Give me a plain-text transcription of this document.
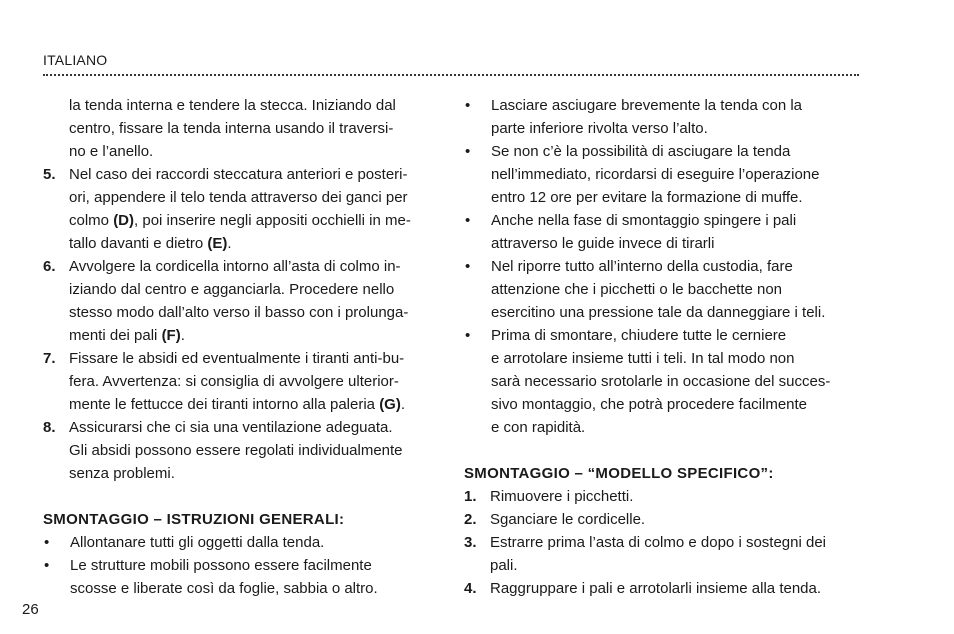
ITALIANO
la tenda interna e tendere la stecca. Iniziando dal
centro, fissare la tenda interna usando il traversi-
no e l’anello.
5. Nel caso dei raccordi steccatura anteriori e posteri-
ori, appendere il telo tenda attraverso dei ganci per
colmo (D), poi inserire negli appositi occhielli in me-
tallo davanti e dietro (E).
6. Avvolgere la cordicella intorno all’asta di colmo in-
iziando dal centro e agganciarla. Procedere nello
stesso modo dall’alto verso il basso con i prolunga-
menti dei pali (F).
7. Fissare le absidi ed eventualmente i tiranti anti-bu-
fera. Avvertenza: si consiglia di avvolgere ulterior-
mente le fettucce dei tiranti intorno alla paleria (G).
8. Assicurarsi che ci sia una ventilazione adeguata.
Gli absidi possono essere regolati individualmente
senza problemi.
SMONTAGGIO – ISTRUZIONI GENERALI:
•	Allontanare tutti gli oggetti dalla tenda.
•	Le strutture mobili possono essere facilmente
scosse e liberate così da foglie, sabbia o altro.
•	Lasciare asciugare brevemente la tenda con la
parte inferiore rivolta verso l’alto.
•	Se non c’è la possibilità di asciugare la tenda
nell’immediato, ricordarsi di eseguire l’operazione
entro 12 ore per evitare la formazione di muffe.
•	Anche nella fase di smontaggio spingere i pali
attraverso le guide invece di tirarli
•	Nel riporre tutto all’interno della custodia, fare
attenzione che i picchetti o le bacchette non
esercitino una pressione tale da danneggiare i teli.
•	Prima di smontare, chiudere tutte le cerniere
e arrotolare insieme tutti i teli. In tal modo non
sarà necessario srotolarle in occasione del succes-
sivo montaggio, che potrà procedere facilmente
e con rapidità.
SMONTAGGIO – “MODELLO SPECIFICO”:
1. Rimuovere i picchetti.
2. Sganciare le cordicelle.
3. Estrarre prima l’asta di colmo e dopo i sostegni dei
pali.
4. Raggruppare i pali e arrotolarli insieme alla tenda.
26
